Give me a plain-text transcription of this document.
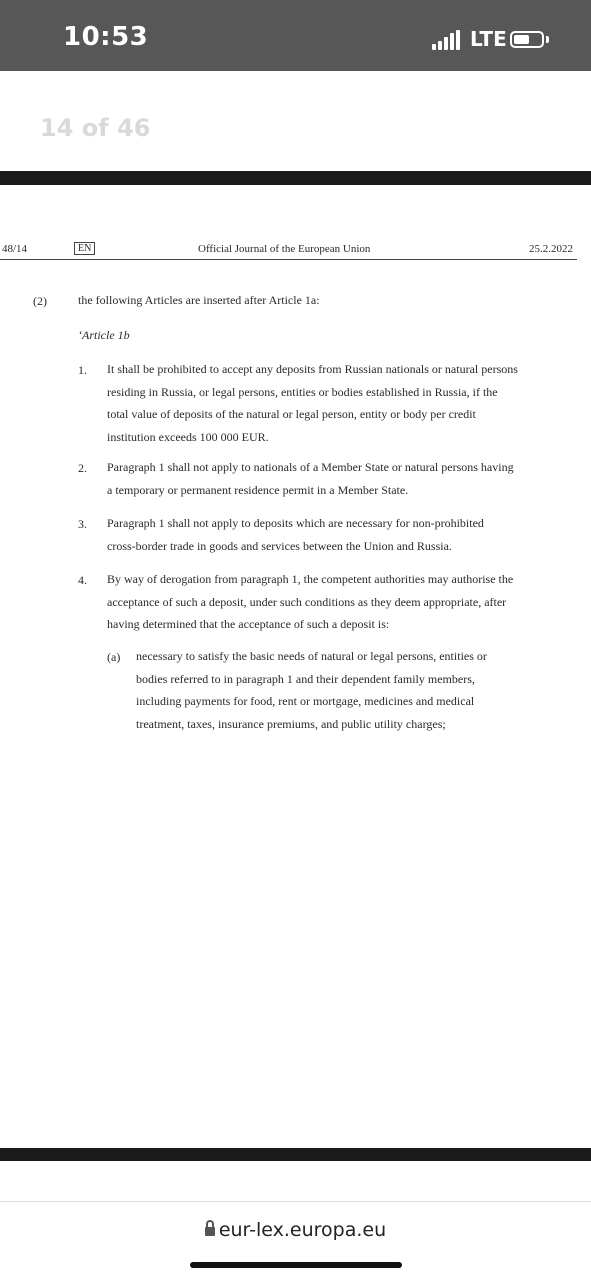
10:53	LTE
14 of 46
48/14	EN	Official Journal of the European Union	25.2.2022
(2)	the following Articles are inserted after Article 1a:
‘Article 1b
1. It shall be prohibited to accept any deposits from Russian nationals or natural persons
residing in Russia, or legal persons, entities or bodies established in Russia, if the
total value of deposits of the natural or legal person, entity or body per credit
institution exceeds 100 000 EUR.
2. Paragraph 1 shall not apply to nationals of a Member State or natural persons having
a temporary or permanent residence permit in a Member State.
3. Paragraph 1 shall not apply to deposits which are necessary for non-prohibited
cross-border trade in goods and services between the Union and Russia.
4. By way of derogation from paragraph 1, the competent authorities may authorise the
acceptance of such a deposit, under such conditions as they deem appropriate, after
having determined that the acceptance of such a deposit is:
(a) necessary to satisfy the basic needs of natural or legal persons, entities or
bodies referred to in paragraph 1 and their dependent family members,
including payments for food, rent or mortgage, medicines and medical
treatment, taxes, insurance premiums, and public utility charges;
eur-lex.europa.eu
